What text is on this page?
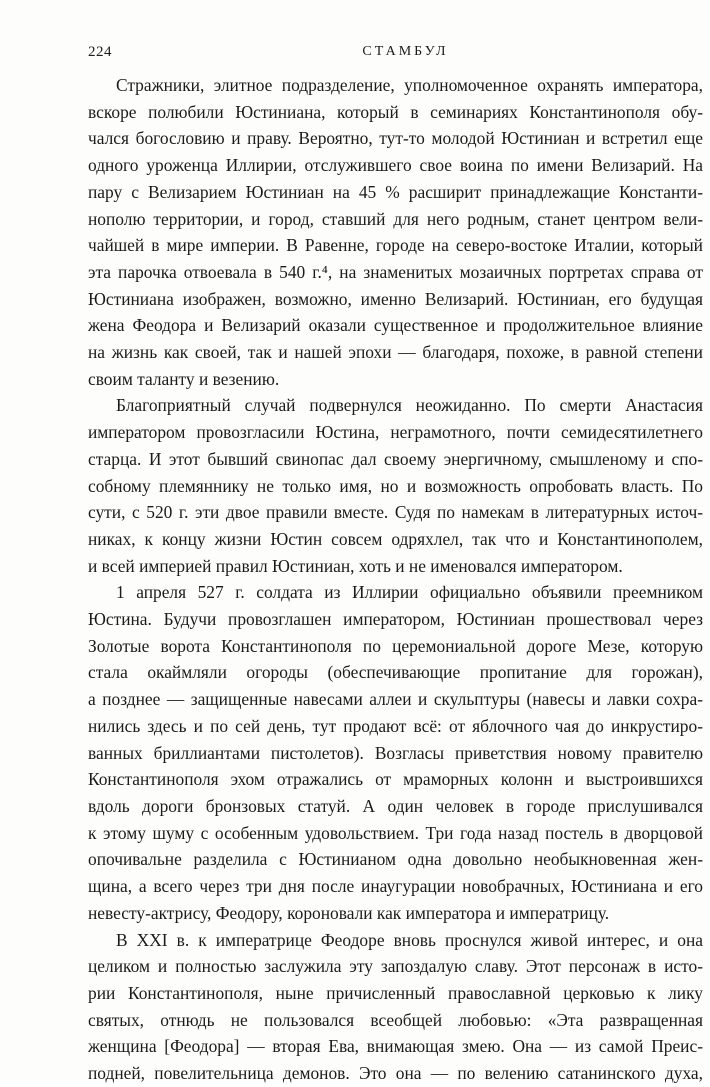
224	СТАМБУЛ
Стражники, элитное подразделение, уполномоченное охранять императора,
вскоре полюбили Юстиниана, который в семинариях Константинополя обу-
чался богословию и праву. Вероятно, тут-то молодой Юстиниан и встретил еще
одного уроженца Иллирии, отслужившего свое воина по имени Велизарий. На
пару с Велизарием Юстиниан на 45 % расширит принадлежащие Константи-
нополю территории, и город, ставший для него родным, станет центром вели-
чайшей в мире империи. В Равенне, городе на северо-востоке Италии, который
эта парочка отвоевала в 540 г.⁴, на знаменитых мозаичных портретах справа от
Юстиниана изображен, возможно, именно Велизарий. Юстиниан, его будущая
жена Феодора и Велизарий оказали существенное и продолжительное влияние
на жизнь как своей, так и нашей эпохи — благодаря, похоже, в равной степени
своим таланту и везению.
Благоприятный случай подвернулся неожиданно. По смерти Анастасия
императором провозгласили Юстина, неграмотного, почти семидесятилетнего
старца. И этот бывший свинопас дал своему энергичному, смышленому и спо-
собному племяннику не только имя, но и возможность опробовать власть. По
сути, с 520 г. эти двое правили вместе. Судя по намекам в литературных источ-
никах, к концу жизни Юстин совсем одряхлел, так что и Константинополем,
и всей империей правил Юстиниан, хоть и не именовался императором.
1 апреля 527 г. солдата из Иллирии официально объявили преемником
Юстина. Будучи провозглашен императором, Юстиниан прошествовал через
Золотые ворота Константинополя по церемониальной дороге Мезе, которую
стала окаймляли огороды (обеспечивающие пропитание для горожан),
а позднее — защищенные навесами аллеи и скульптуры (навесы и лавки сохра-
нились здесь и по сей день, тут продают всё: от яблочного чая до инкрустиро-
ванных бриллиантами пистолетов). Возгласы приветствия новому правителю
Константинополя эхом отражались от мраморных колонн и выстроившихся
вдоль дороги бронзовых статуй. А один человек в городе прислушивался
к этому шуму с особенным удовольствием. Три года назад постель в дворцовой
опочивальне разделила с Юстинианом одна довольно необыкновенная жен-
щина, а всего через три дня после инаугурации новобрачных, Юстиниана и его
невесту-актрису, Феодору, короновали как императора и императрицу.
В XXI в. к императрице Феодоре вновь проснулся живой интерес, и она
целиком и полностью заслужила эту запоздалую славу. Этот персонаж в исто-
рии Константинополя, ныне причисленный православной церковью к лику
святых, отнюдь не пользовался всеобщей любовью: «Эта развращенная
женщина [Феодора] — вторая Ева, внимающая змею. Она — из самой Преис-
подней, повелительница демонов. Это она — по велению сатанинского духа,
